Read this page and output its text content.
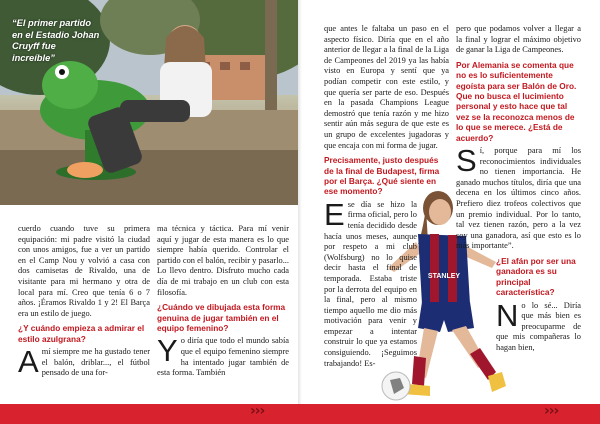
“El primer partido en el Estadio Johan Cruyff fue increíble”

cuerdo cuando tuve su primera equipación: mi padre visitó la ciudad con unos amigos, fue a ver un partido en el Camp Nou y volvió a casa con dos camisetas de Rivaldo, una de visitante para mi hermano y otra de local para mí. Creo que tenía 6 o 7 años. ¡Éramos Rivaldo 1 y 2! El Barça era un estilo de juego.

¿Y cuándo empieza a admirar el estilo azulgrana?

Amí siempre me ha gustado tener el balón, driblar..., el fútbol pensado de una for-

ma técnica y táctica. Para mí venir aquí y jugar de esta manera es lo que siempre había querido. Controlar el partido con el balón, recibir y pasarlo... Lo llevo dentro. Disfruto mucho cada día de mi trabajo en un club con esta filosofía.

¿Cuándo ve dibujada esta forma genuina de jugar también en el equipo femenino?

Yo diría que todo el mundo sabía que el equipo femenino siempre ha intentado jugar también de esta forma. También

STANLEY

que antes le faltaba un paso en el aspecto físico. Diría que en el año anterior de llegar a la final de la Liga de Campeones del 2019 ya las había visto en Europa y sentí que ya podían competir con este estilo, y que quería ser parte de eso. Después en la pasada Champions League demostró que tenía razón y me hizo sentir aún más segura de que este es un grupo de excelentes jugadoras y que encaja con mi forma de jugar.

Precisamente, justo después de la final de Budapest, firma por el Barça. ¿Qué siente en ese momento?

Ese día se hizo la firma oficial, pero lo tenía decidido desde hacía unos meses, aunque por respeto a mi club (Wolfsburg) no lo quise decir hasta el final de temporada. Estaba triste por la derrota del equipo en la final, pero al mismo tiempo aquello me dio más motivación para venir y empezar a intentar construir lo que ya estamos consiguiendo. ¡Seguimos trabajando! Es-

pero que podamos volver a llegar a la final y lograr el máximo objetivo de ganar la Liga de Campeones.

Por Alemania se comenta que no es lo suficientemente egoísta para ser Balón de Oro. Que no busca el lucimiento personal y esto hace que tal vez se la reconozca menos de lo que se merece. ¿Está de acuerdo?

Sí, porque para mí los reconocimientos individuales no tienen importancia. He ganado muchos títulos, diría que una decena en los últimos cinco años. Prefiero diez trofeos colectivos que un premio individual. Por lo tanto, tal vez tienen razón, pero a la vez soy una ganadora, así que esto es lo más importante”.

¿El afán por ser una ganadora es su principal característica?

No lo sé... Diría que más bien es preocuparme de que mis compañeras lo hagan bien,

›››	›››
